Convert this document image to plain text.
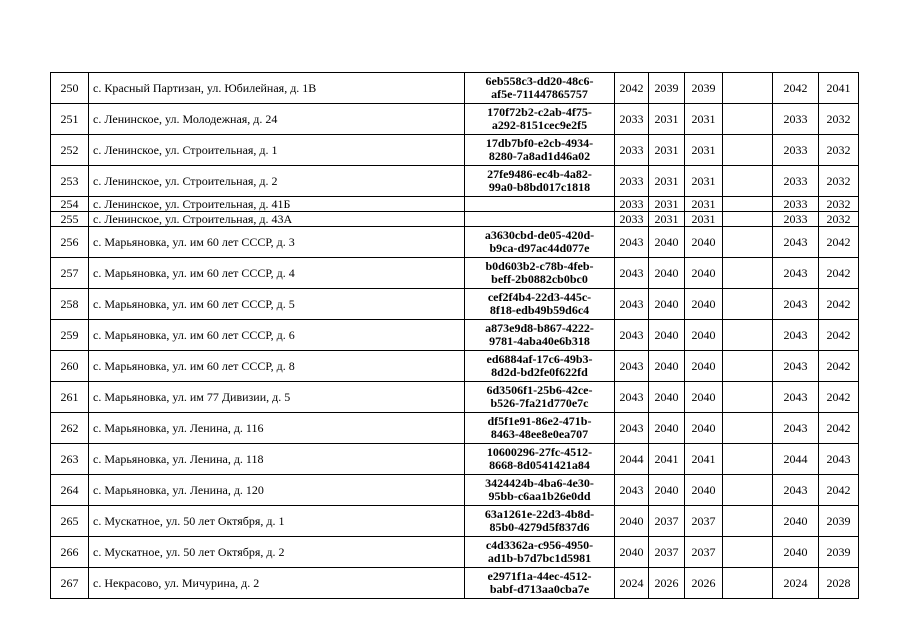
250	с. Красный Партизан, ул. Юбилейная, д. 1В	6eb558c3-dd20-48c6-
af5e-711447865757	2042	2039	2039		2042	2041
251	с. Ленинское, ул. Молодежная, д. 24	170f72b2-c2ab-4f75-
a292-8151cec9e2f5	2033	2031	2031		2033	2032
252	с. Ленинское, ул. Строительная, д. 1	17db7bf0-e2cb-4934-
8280-7a8ad1d46a02	2033	2031	2031		2033	2032
253	с. Ленинское, ул. Строительная, д. 2	27fe9486-ec4b-4a82-
99a0-b8bd017c1818	2033	2031	2031		2033	2032
254	с. Ленинское, ул. Строительная, д. 41Б		2033	2031	2031		2033	2032
255	с. Ленинское, ул. Строительная, д. 43А		2033	2031	2031		2033	2032
256	с. Марьяновка, ул. им 60 лет СССР, д. 3	a3630cbd-de05-420d-
b9ca-d97ac44d077e	2043	2040	2040		2043	2042
257	с. Марьяновка, ул. им 60 лет СССР, д. 4	b0d603b2-c78b-4feb-
beff-2b0882cb0bc0	2043	2040	2040		2043	2042
258	с. Марьяновка, ул. им 60 лет СССР, д. 5	cef2f4b4-22d3-445c-
8f18-edb49b59d6c4	2043	2040	2040		2043	2042
259	с. Марьяновка, ул. им 60 лет СССР, д. 6	a873e9d8-b867-4222-
9781-4aba40e6b318	2043	2040	2040		2043	2042
260	с. Марьяновка, ул. им 60 лет СССР, д. 8	ed6884af-17c6-49b3-
8d2d-bd2fe0f622fd	2043	2040	2040		2043	2042
261	с. Марьяновка, ул. им 77 Дивизии, д. 5	6d3506f1-25b6-42ce-
b526-7fa21d770e7c	2043	2040	2040		2043	2042
262	с. Марьяновка, ул. Ленина, д. 116	df5f1e91-86e2-471b-
8463-48ee8e0ea707	2043	2040	2040		2043	2042
263	с. Марьяновка, ул. Ленина, д. 118	10600296-27fc-4512-
8668-8d0541421a84	2044	2041	2041		2044	2043
264	с. Марьяновка, ул. Ленина, д. 120	3424424b-4ba6-4e30-
95bb-c6aa1b26e0dd	2043	2040	2040		2043	2042
265	с. Мускатное, ул. 50 лет Октября, д. 1	63a1261e-22d3-4b8d-
85b0-4279d5f837d6	2040	2037	2037		2040	2039
266	с. Мускатное, ул. 50 лет Октября, д. 2	c4d3362a-c956-4950-
ad1b-b7d7bc1d5981	2040	2037	2037		2040	2039
267	с. Некрасово, ул. Мичурина, д. 2	e2971f1a-44ec-4512-
babf-d713aa0cba7e	2024	2026	2026		2024	2028
